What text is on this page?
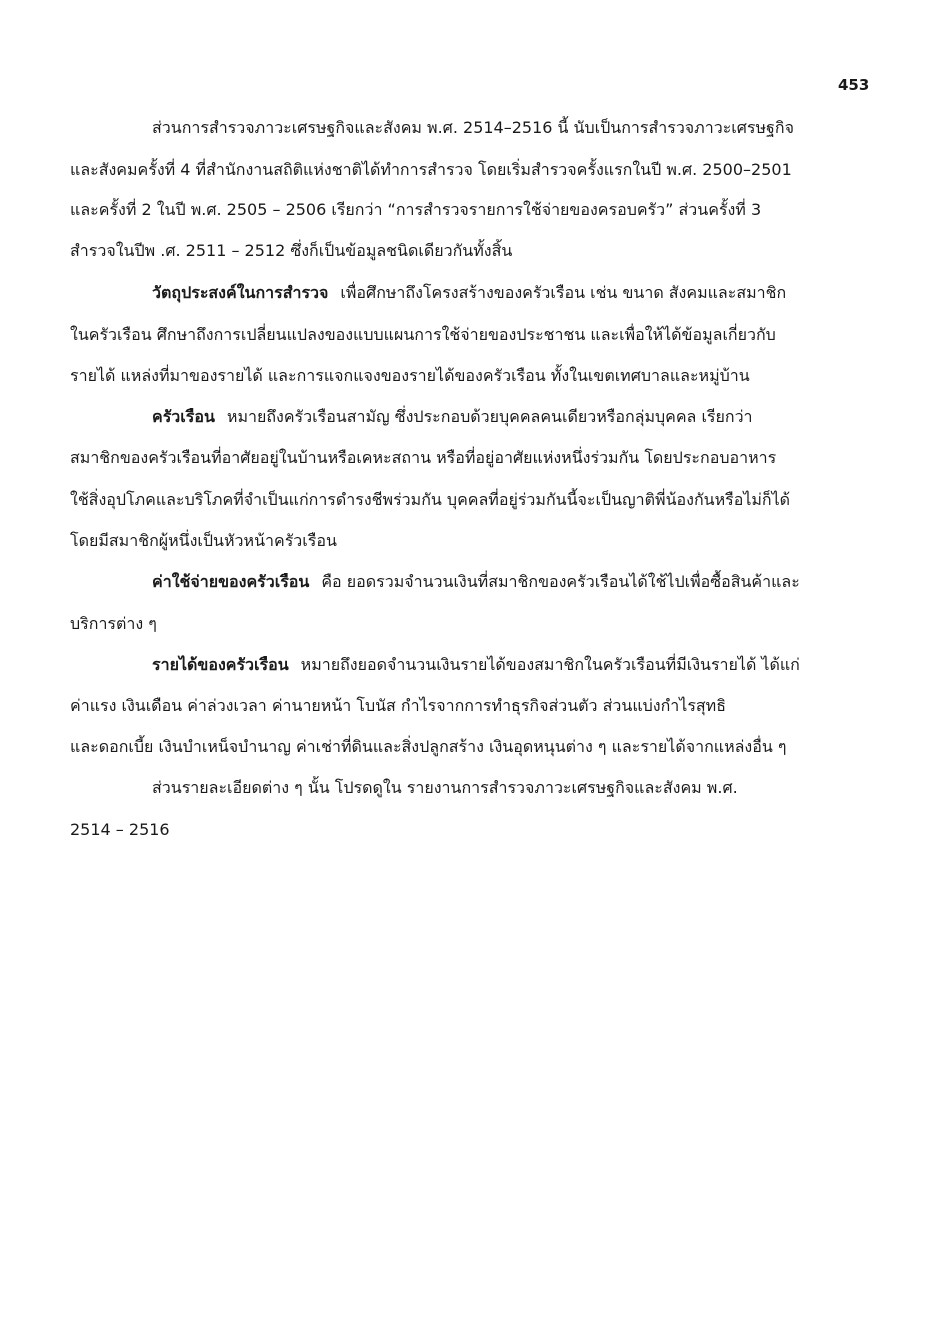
453
ส่วนการสำรวจภาวะเศรษฐกิจและสังคม พ.ศ. 2514–2516 นี้ นับเป็นการสำรวจภาวะเศรษฐกิจ
และสังคมครั้งที่ 4 ที่สำนักงานสถิติแห่งชาติได้ทำการสำรวจ โดยเริ่มสำรวจครั้งแรกในปี พ.ศ. 2500–2501
และครั้งที่ 2 ในปี พ.ศ. 2505 – 2506 เรียกว่า “การสำรวจรายการใช้จ่ายของครอบครัว” ส่วนครั้งที่ 3
สำรวจในปีพ .ศ. 2511 – 2512 ซึ่งก็เป็นข้อมูลชนิดเดียวกันทั้งสิ้น
วัตถุประสงค์ในการสำรวจ เพื่อศึกษาถึงโครงสร้างของครัวเรือน เช่น ขนาด สังคมและสมาชิก
ในครัวเรือน ศึกษาถึงการเปลี่ยนแปลงของแบบแผนการใช้จ่ายของประชาชน และเพื่อให้ได้ข้อมูลเกี่ยวกับ
รายได้ แหล่งที่มาของรายได้ และการแจกแจงของรายได้ของครัวเรือน ทั้งในเขตเทศบาลและหมู่บ้าน
ครัวเรือน หมายถึงครัวเรือนสามัญ ซึ่งประกอบด้วยบุคคลคนเดียวหรือกลุ่มบุคคล เรียกว่า
สมาชิกของครัวเรือนที่อาศัยอยู่ในบ้านหรือเคหะสถาน หรือที่อยู่อาศัยแห่งหนึ่งร่วมกัน โดยประกอบอาหาร
ใช้สิ่งอุปโภคและบริโภคที่จำเป็นแก่การดำรงชีพร่วมกัน บุคคลที่อยู่ร่วมกันนี้จะเป็นญาติพี่น้องกันหรือไม่ก็ได้
โดยมีสมาชิกผู้หนึ่งเป็นหัวหน้าครัวเรือน
ค่าใช้จ่ายของครัวเรือน คือ ยอดรวมจำนวนเงินที่สมาชิกของครัวเรือนได้ใช้ไปเพื่อซื้อสินค้าและ
บริการต่าง ๆ
รายได้ของครัวเรือน หมายถึงยอดจำนวนเงินรายได้ของสมาชิกในครัวเรือนที่มีเงินรายได้ ได้แก่
ค่าแรง เงินเดือน ค่าล่วงเวลา ค่านายหน้า โบนัส กำไรจากการทำธุรกิจส่วนตัว ส่วนแบ่งกำไรสุทธิ
และดอกเบี้ย เงินบำเหน็จบำนาญ ค่าเช่าที่ดินและสิ่งปลูกสร้าง เงินอุดหนุนต่าง ๆ และรายได้จากแหล่งอื่น ๆ
ส่วนรายละเอียดต่าง ๆ นั้น โปรดดูใน รายงานการสำรวจภาวะเศรษฐกิจและสังคม พ.ศ.
2514 – 2516
